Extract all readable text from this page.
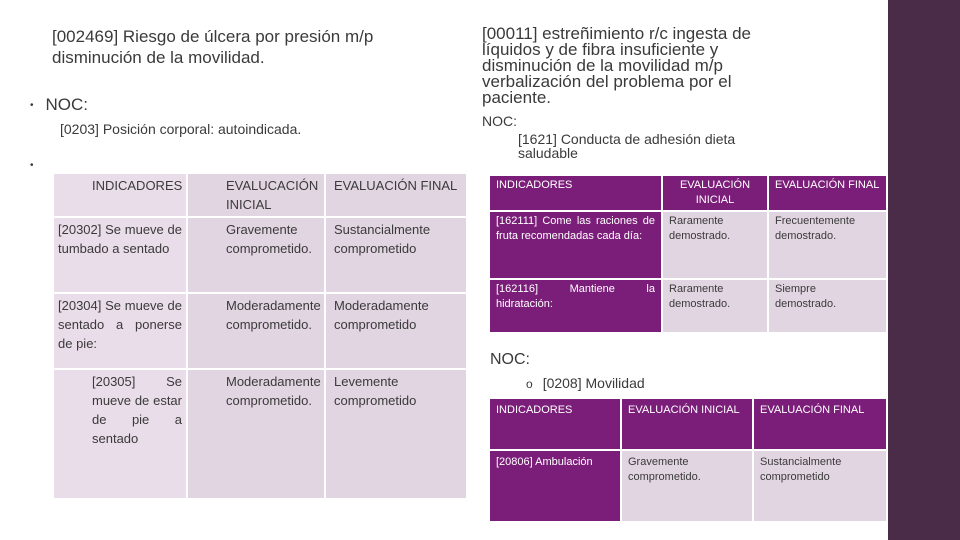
[002469] Riesgo de úlcera por presión m/p disminución de la movilidad.
• NOC:
[0203] Posición corporal: autoindicada.
•
INDICADORES	EVALUCACIÓN INICIAL	EVALUACIÓN FINAL
[20302] Se mueve de tumbado a sentado	Gravemente comprometido.	Sustancialmente comprometido
[20304] Se mueve de sentado a ponerse de pie:	Moderadamente comprometido.	Moderadamente comprometido
[20305] Se mueve de estar de pie a sentado	Moderadamente comprometido.	Levemente comprometido
[00011] estreñimiento r/c ingesta de líquidos y de fibra insuficiente y disminución de la movilidad m/p verbalización del problema por el paciente.
NOC:
[1621] Conducta de adhesión dieta saludable
INDICADORES	EVALUACIÓN INICIAL	EVALUACIÓN FINAL
[162111] Come las raciones de fruta recomendadas cada día:	Raramente demostrado.	Frecuentemente demostrado.
[162116] Mantiene la hidratación:	Raramente demostrado.	Siempre demostrado.
NOC:
o [0208] Movilidad
INDICADORES	EVALUACIÓN INICIAL	EVALUACIÓN FINAL
[20806] Ambulación	Gravemente comprometido.	Sustancialmente comprometido
